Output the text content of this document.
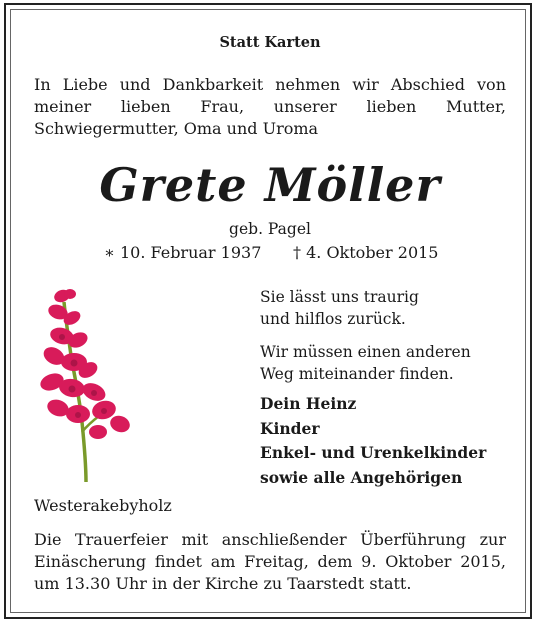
Statt Karten
In Liebe und Dankbarkeit nehmen wir Abschied von meiner lieben Frau, unserer lieben Mutter, Schwiegermutter, Oma und Uroma
Grete Möller
geb. Pagel
∗ 10. Februar 1937 † 4. Oktober 2015
Sie lässt uns traurig
und hilflos zurück.
Wir müssen einen anderen
Weg miteinander finden.
Dein Heinz
Kinder
Enkel- und Urenkelkinder
sowie alle Angehörigen
Westerakebyholz
Die Trauerfeier mit anschließender Überführung zur Einäscherung findet am Freitag, dem 9. Oktober 2015, um 13.30 Uhr in der Kirche zu Taarstedt statt.
